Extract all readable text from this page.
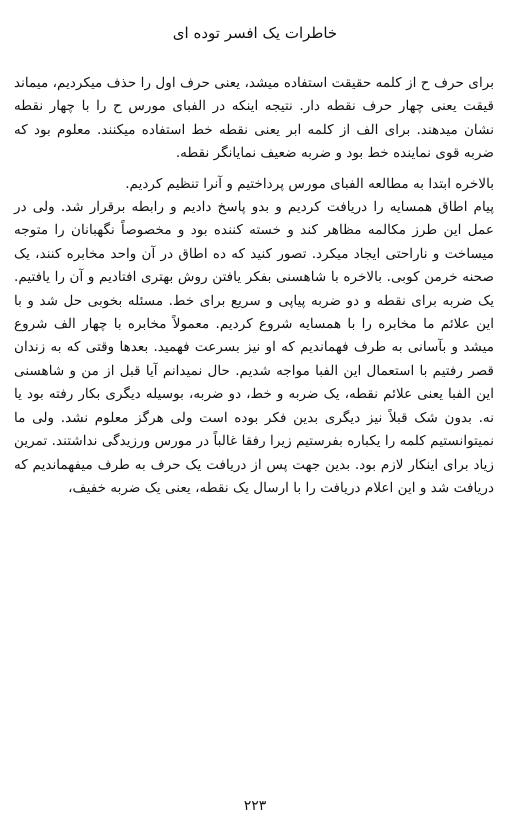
خاطرات یک افسر توده ای

برای حرف ح از کلمه حقیقت استفاده میشد، یعنی حرف اول را حذف میکردیم، میماند قیقت یعنی چهار حرف نقطه دار. نتیجه اینکه در الفبای مورس ح را با چهار نقطه نشان میدهند. برای الف از کلمه ابر یعنی نقطه خط استفاده میکنند. معلوم بود که ضربه قوی نماینده خط بود و ضربه ضعیف نمایانگر نقطه.

بالاخره ابتدا به مطالعه الفبای مورس پرداختیم و آنرا تنظیم کردیم.

پیام اطاق همسایه را دریافت کردیم و بدو پاسخ دادیم و رابطه برقرار شد. ولی در عمل این طرز مکالمه مظاهر کند و خسته کننده بود و مخصوصاً نگهبانان را متوجه میساخت و ناراحتی ایجاد میکرد. تصور کنید که ده اطاق در آن واحد مخابره کنند، یک صحنه خرمن کوبی. بالاخره با شاهسنی بفکر یافتن روش بهتری افتادیم و آن را یافتیم. یک ضربه برای نقطه و دو ضربه پیاپی و سریع برای خط. مسئله بخوبی حل شد و با این علائم ما مخابره را با همسایه شروع کردیم. معمولاً مخابره با چهار الف شروع میشد و بآسانی به طرف فهماندیم که او نیز بسرعت فهمید. بعدها وقتی که به زندان قصر رفتیم با استعمال این الفبا مواجه شدیم. حال نمیدانم آیا قبل از من و شاهسنی این الفبا یعنی علائم نقطه، یک ضربه و خط، دو ضربه، بوسیله دیگری بکار رفته بود یا نه. بدون شک قبلاً نیز دیگری بدین فکر بوده است ولی هرگز معلوم نشد. ولی ما نمیتوانستیم کلمه را یکباره بفرستیم زیرا رفقا غالباً در مورس ورزیدگی نداشتند. تمرین زیاد برای اینکار لازم بود. بدین جهت پس از دریافت یک حرف به طرف میفهماندیم که دریافت شد و این اعلام دریافت را با ارسال یک نقطه، یعنی یک ضربه خفیف،

۲۲۳
